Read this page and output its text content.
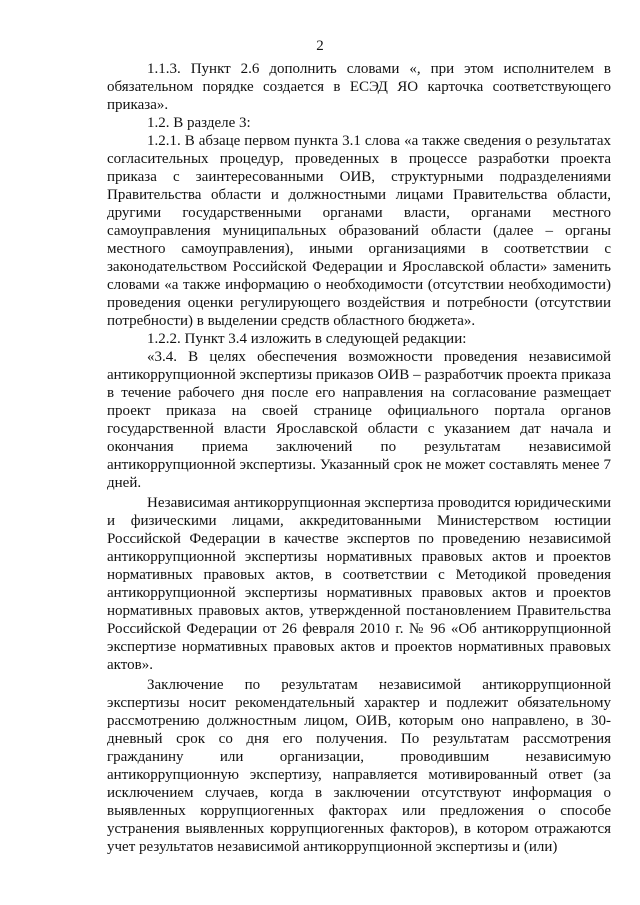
2

1.1.3. Пункт 2.6 дополнить словами «, при этом исполнителем в обязательном порядке создается в ЕСЭД ЯО карточка соответствующего приказа».

1.2. В разделе 3:

1.2.1. В абзаце первом пункта 3.1 слова «а также сведения о результатах согласительных процедур, проведенных в процессе разработки проекта приказа с заинтересованными ОИВ, структурными подразделениями Правительства области и должностными лицами Правительства области, другими государственными органами власти, органами местного самоуправления муниципальных образований области (далее – органы местного самоуправления), иными организациями в соответствии с законодательством Российской Федерации и Ярославской области» заменить словами «а также информацию о необходимости (отсутствии необходимости) проведения оценки регулирующего воздействия и потребности (отсутствии потребности) в выделении средств областного бюджета».

1.2.2. Пункт 3.4 изложить в следующей редакции:

«3.4. В целях обеспечения возможности проведения независимой антикоррупционной экспертизы приказов ОИВ – разработчик проекта приказа в течение рабочего дня после его направления на согласование размещает проект приказа на своей странице официального портала органов государственной власти Ярославской области с указанием дат начала и окончания приема заключений по результатам независимой антикоррупционной экспертизы. Указанный срок не может составлять менее 7 дней.

Независимая антикоррупционная экспертиза проводится юридическими и физическими лицами, аккредитованными Министерством юстиции Российской Федерации в качестве экспертов по проведению независимой антикоррупционной экспертизы нормативных правовых актов и проектов нормативных правовых актов, в соответствии с Методикой проведения антикоррупционной экспертизы нормативных правовых актов и проектов нормативных правовых актов, утвержденной постановлением Правительства Российской Федерации от 26 февраля 2010 г. № 96 «Об антикоррупционной экспертизе нормативных правовых актов и проектов нормативных правовых актов».

Заключение по результатам независимой антикоррупционной экспертизы носит рекомендательный характер и подлежит обязательному рассмотрению должностным лицом, ОИВ, которым оно направлено, в 30-дневный срок со дня его получения. По результатам рассмотрения гражданину или организации, проводившим независимую антикоррупционную экспертизу, направляется мотивированный ответ (за исключением случаев, когда в заключении отсутствуют информация о выявленных коррупциогенных факторах или предложения о способе устранения выявленных коррупциогенных факторов), в котором отражаются учет результатов независимой антикоррупционной экспертизы и (или)
